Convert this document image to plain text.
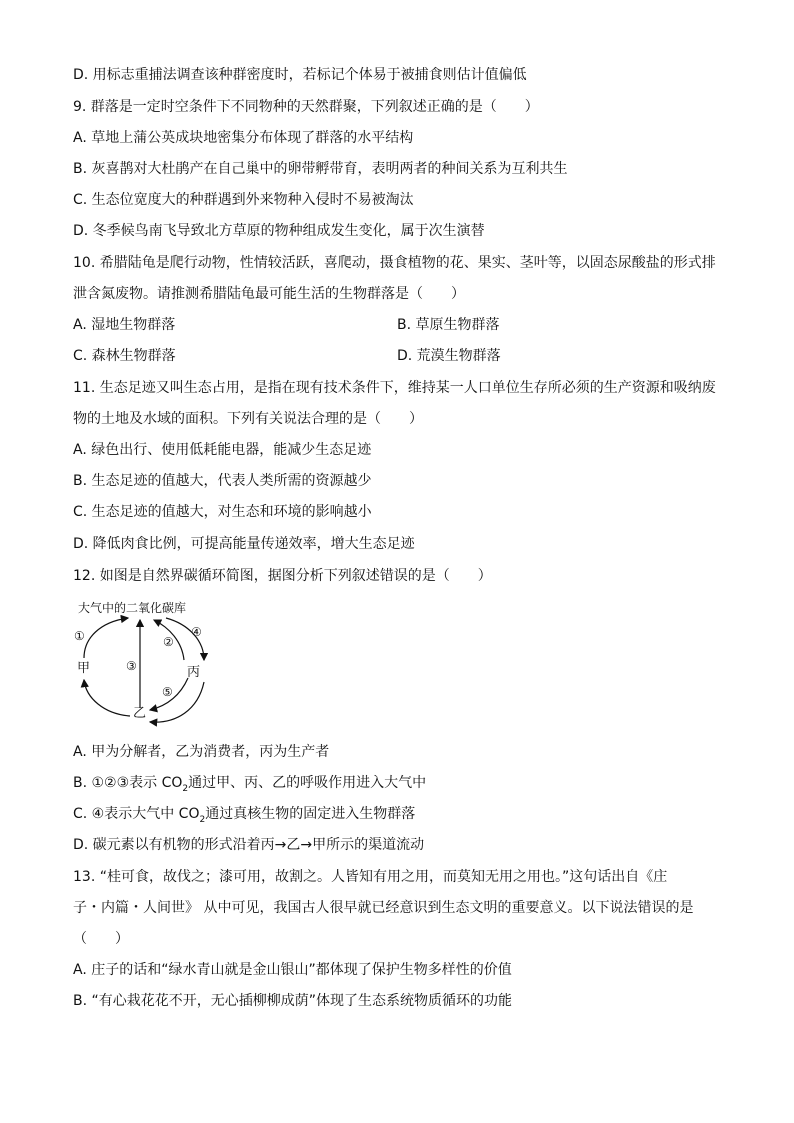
D. 用标志重捕法调查该种群密度时，若标记个体易于被捕食则估计值偏低
9. 群落是一定时空条件下不同物种的天然群聚，下列叙述正确的是（　　）
A. 草地上蒲公英成块地密集分布体现了群落的水平结构
B. 灰喜鹊对大杜鹃产在自己巢中的卵带孵带育，表明两者的种间关系为互利共生
C. 生态位宽度大的种群遇到外来物种入侵时不易被淘汰
D. 冬季候鸟南飞导致北方草原的物种组成发生变化，属于次生演替
10. 希腊陆龟是爬行动物，性情较活跃，喜爬动，摄食植物的花、果实、茎叶等，以固态尿酸盐的形式排
泄含氮废物。请推测希腊陆龟最可能生活的生物群落是（　　）
A. 湿地生物群落	B. 草原生物群落
C. 森林生物群落	D. 荒漠生物群落
11. 生态足迹又叫生态占用，是指在现有技术条件下，维持某一人口单位生存所必须的生产资源和吸纳废
物的土地及水域的面积。下列有关说法合理的是（　　）
A. 绿色出行、使用低耗能电器，能减少生态足迹
B. 生态足迹的值越大，代表人类所需的资源越少
C. 生态足迹的值越大，对生态和环境的影响越小
D. 降低肉食比例，可提高能量传递效率，增大生态足迹
12. 如图是自然界碳循环简图，据图分析下列叙述错误的是（　　）
大气中的二氧化碳库
①	②
③
④
⑤
甲	丙
乙
A. 甲为分解者，乙为消费者，丙为生产者
B. ①②③表示 $CO_2$通过甲、丙、乙的呼吸作用进入大气中
C. ④表示大气中 $CO_2$通过真核生物的固定进入生物群落
D. 碳元素以有机物的形式沿着丙→乙→甲所示的渠道流动
13. “桂可食，故伐之；漆可用，故割之。人皆知有用之用，而莫知无用之用也。”这句话出自《庄
子・内篇・人间世》 从中可见，我国古人很早就已经意识到生态文明的重要意义。以下说法错误的是
（　　）
A. 庄子的话和“绿水青山就是金山银山”都体现了保护生物多样性的价值
B. “有心栽花花不开，无心插柳柳成荫”体现了生态系统物质循环的功能
